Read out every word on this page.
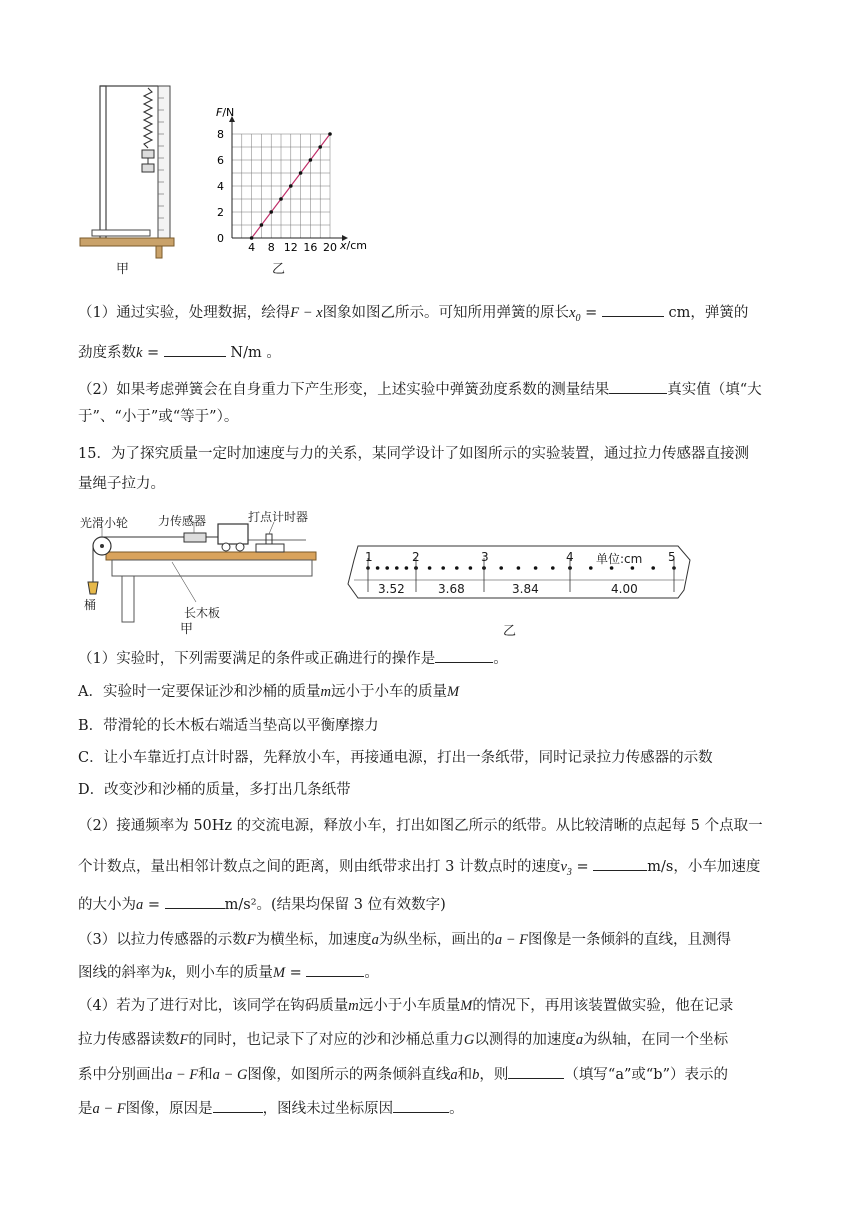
甲
4 8 12 16 20
0
2
4
6
8
F/N
x/cm
乙
（1）通过实验，处理数据，绘得F − x图象如图乙所示。可知所用弹簧的原长$x_0$ =	cm，弹簧的
劲度系数k =	N/m 。
（2）如果考虑弹簧会在自身重力下产生形变，上述实验中弹簧劲度系数的测量结果	真实值（填“大
于”、“小于”或“等于”）。
15．为了探究质量一定时加速度与力的关系，某同学设计了如图所示的实验装置，通过拉力传感器直接测
量绳子拉力。
光滑小轮 力传感器	打点计时器
桶
长木板
甲
1	2	3	4 单位:cm 5
3.52	3.68	3.84	4.00
乙
（1）实验时，下列需要满足的条件或正确进行的操作是	。
A．实验时一定要保证沙和沙桶的质量m远小于小车的质量M
B．带滑轮的长木板右端适当垫高以平衡摩擦力
C．让小车靠近打点计时器，先释放小车，再接通电源，打出一条纸带，同时记录拉力传感器的示数
D．改变沙和沙桶的质量，多打出几条纸带
（2）接通频率为 50Hz 的交流电源，释放小车，打出如图乙所示的纸带。从比较清晰的点起每 5 个点取一
个计数点，量出相邻计数点之间的距离，则由纸带求出打 3 计数点时的速度$v_3$ =	m/s，小车加速度
的大小为a =	m/s²。(结果均保留 3 位有效数字)
（3）以拉力传感器的示数F为横坐标，加速度a为纵坐标，画出的a − F图像是一条倾斜的直线，且测得
图线的斜率为k，则小车的质量M =	。
（4）若为了进行对比，该同学在钩码质量m远小于小车质量M的情况下，再用该装置做实验，他在记录
拉力传感器读数F的同时，也记录下了对应的沙和沙桶总重力G以测得的加速度a为纵轴，在同一个坐标
系中分别画出a − F和a − G图像，如图所示的两条倾斜直线a和b，则	（填写“a”或“b”）表示的
是a − F图像，原因是	，图线未过坐标原因	。
